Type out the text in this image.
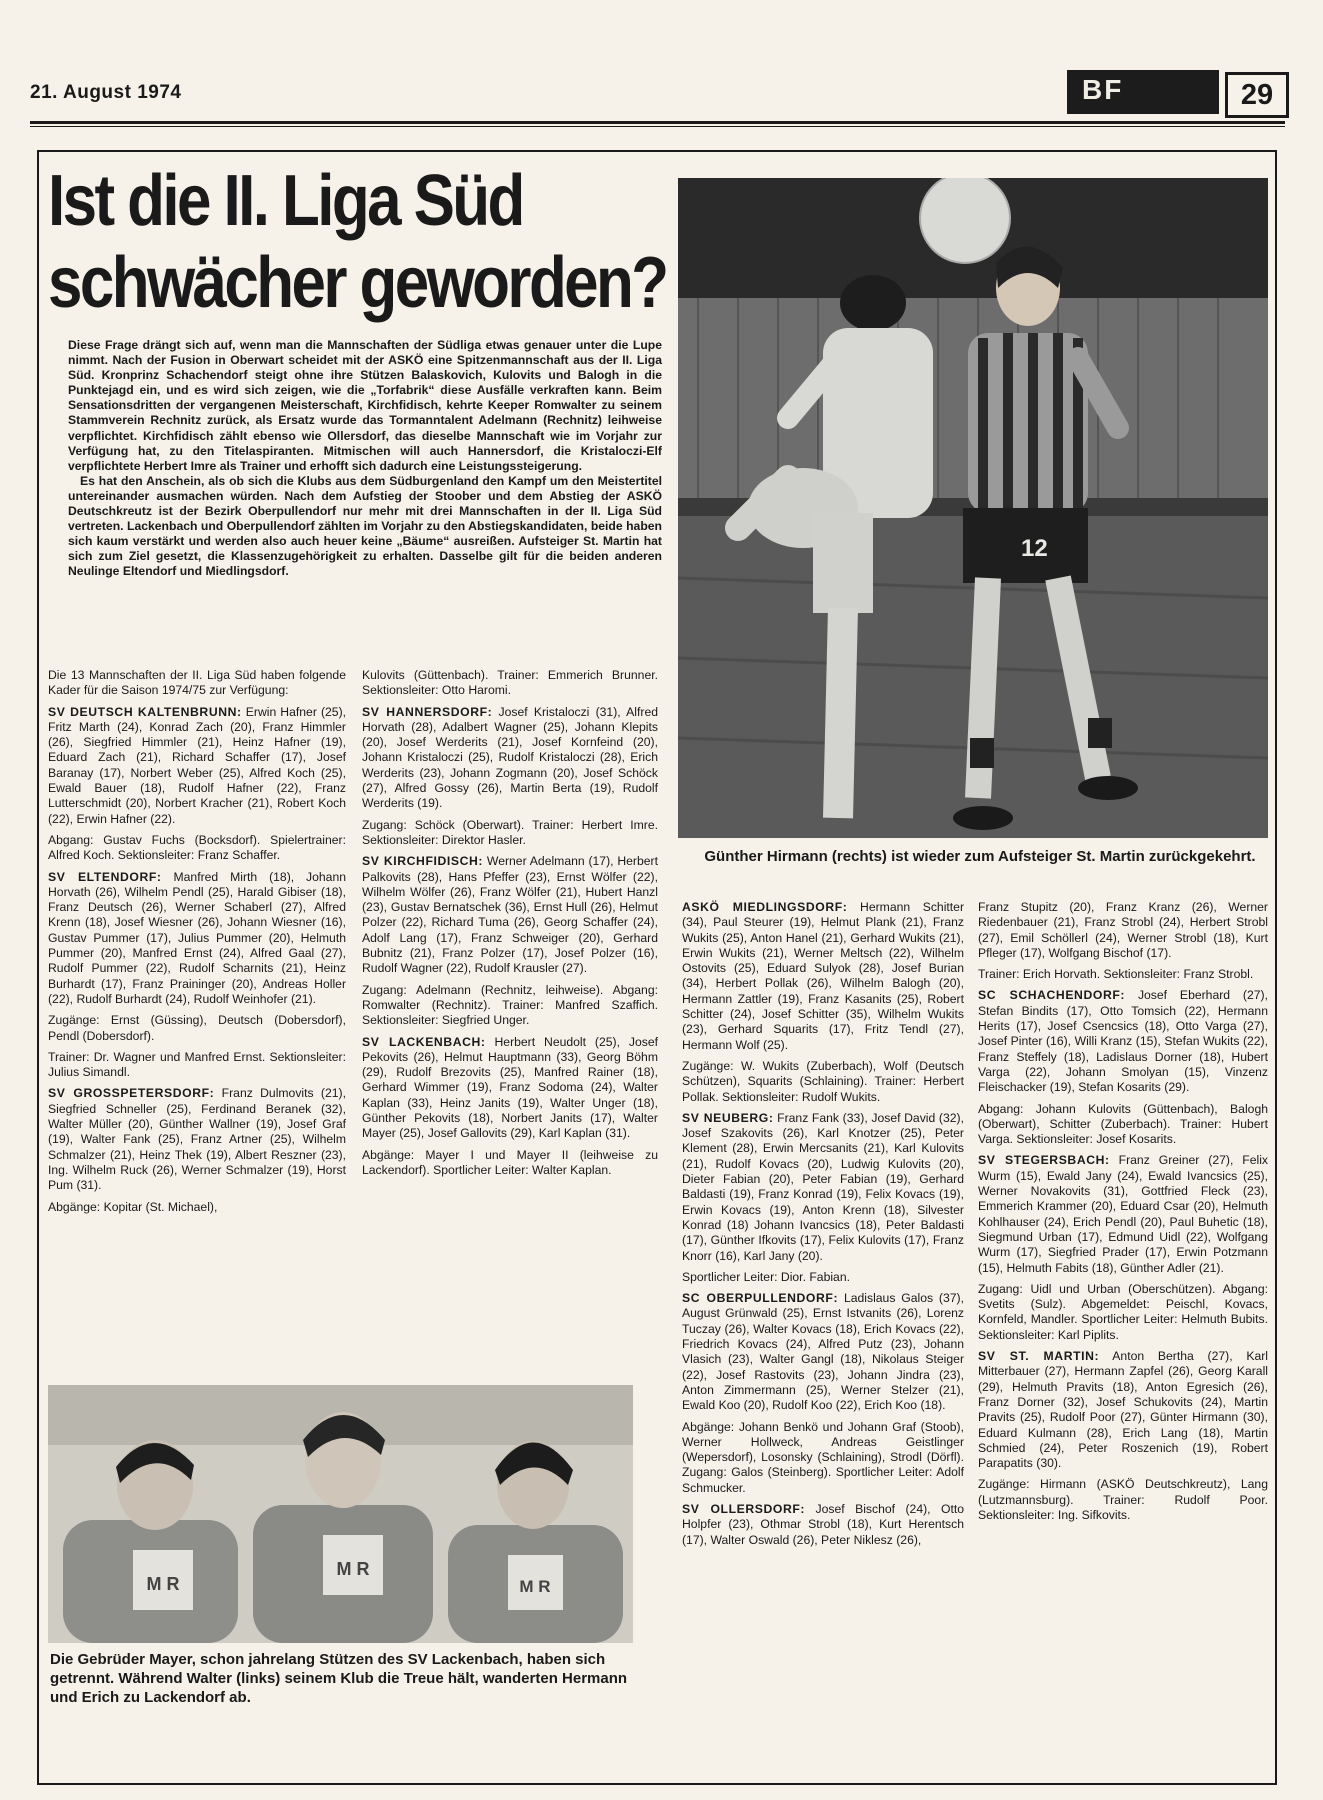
21. August 1974	BF	29
Ist die II. Liga Süd
schwächer geworden?

Diese Frage drängt sich auf, wenn man die Mannschaften der Südliga etwas genauer unter die Lupe nimmt. Nach der Fusion in Oberwart scheidet mit der ASKÖ eine Spitzenmannschaft aus der II. Liga Süd. Kronprinz Schachendorf steigt ohne ihre Stützen Balaskovich, Kulovits und Balogh in die Punktejagd ein, und es wird sich zeigen, wie die „Torfabrik“ diese Ausfälle verkraften kann. Beim Sensationsdritten der vergangenen Meisterschaft, Kirchfidisch, kehrte Keeper Romwalter zu seinem Stammverein Rechnitz zurück, als Ersatz wurde das Tormanntalent Adelmann (Rechnitz) leihweise verpflichtet. Kirchfidisch zählt ebenso wie Ollersdorf, das dieselbe Mannschaft wie im Vorjahr zur Verfügung hat, zu den Titelaspiranten. Mitmischen will auch Hannersdorf, die Kristaloczi-Elf verpflichtete Herbert Imre als Trainer und erhofft sich dadurch eine Leistungssteigerung.

Es hat den Anschein, als ob sich die Klubs aus dem Südburgenland den Kampf um den Meistertitel untereinander ausmachen würden. Nach dem Aufstieg der Stoober und dem Abstieg der ASKÖ Deutschkreutz ist der Bezirk Oberpullendorf nur mehr mit drei Mannschaften in der II. Liga Süd vertreten. Lackenbach und Oberpullendorf zählten im Vorjahr zu den Abstiegskandidaten, beide haben sich kaum verstärkt und werden also auch heuer keine „Bäume“ ausreißen. Aufsteiger St. Martin hat sich zum Ziel gesetzt, die Klassenzugehörigkeit zu erhalten. Dasselbe gilt für die beiden anderen Neulinge Eltendorf und Miedlingsdorf.

12
Günther Hirmann (rechts) ist wieder zum Aufsteiger St. Martin zurückgekehrt.

Die 13 Mannschaften der II. Liga Süd haben folgende Kader für die Saison 1974/75 zur Verfügung:

SV DEUTSCH KALTENBRUNN: Erwin Hafner (25), Fritz Marth (24), Konrad Zach (20), Franz Himmler (26), Siegfried Himmler (21), Heinz Hafner (19), Eduard Zach (21), Richard Schaffer (17), Josef Baranay (17), Norbert Weber (25), Alfred Koch (25), Ewald Bauer (18), Rudolf Hafner (22), Franz Lutterschmidt (20), Norbert Kracher (21), Robert Koch (22), Erwin Hafner (22).

Abgang: Gustav Fuchs (Bocksdorf). Spielertrainer: Alfred Koch. Sektionsleiter: Franz Schaffer.

SV ELTENDORF: Manfred Mirth (18), Johann Horvath (26), Wilhelm Pendl (25), Harald Gibiser (18), Franz Deutsch (26), Werner Schaberl (27), Alfred Krenn (18), Josef Wiesner (26), Johann Wiesner (16), Gustav Pummer (17), Julius Pummer (20), Helmuth Pummer (20), Manfred Ernst (24), Alfred Gaal (27), Rudolf Pummer (22), Rudolf Scharnits (21), Heinz Burhardt (17), Franz Praininger (20), Andreas Holler (22), Rudolf Burhardt (24), Rudolf Weinhofer (21).

Zugänge: Ernst (Güssing), Deutsch (Dobersdorf), Pendl (Dobersdorf).

Trainer: Dr. Wagner und Manfred Ernst. Sektionsleiter: Julius Simandl.

SV GROSSPETERSDORF: Franz Dulmovits (21), Siegfried Schneller (25), Ferdinand Beranek (32), Walter Müller (20), Günther Wallner (19), Josef Graf (19), Walter Fank (25), Franz Artner (25), Wilhelm Schmalzer (21), Heinz Thek (19), Albert Reszner (23), Ing. Wilhelm Ruck (26), Werner Schmalzer (19), Horst Pum (31).

Abgänge: Kopitar (St. Michael),

Kulovits (Güttenbach). Trainer: Emmerich Brunner. Sektionsleiter: Otto Haromi.

SV HANNERSDORF: Josef Kristaloczi (31), Alfred Horvath (28), Adalbert Wagner (25), Johann Klepits (20), Josef Werderits (21), Josef Kornfeind (20), Johann Kristaloczi (25), Rudolf Kristaloczi (28), Erich Werderits (23), Johann Zogmann (20), Josef Schöck (27), Alfred Gossy (26), Martin Berta (19), Rudolf Werderits (19).

Zugang: Schöck (Oberwart). Trainer: Herbert Imre. Sektionsleiter: Direktor Hasler.

SV KIRCHFIDISCH: Werner Adelmann (17), Herbert Palkovits (28), Hans Pfeffer (23), Ernst Wölfer (22), Wilhelm Wölfer (26), Franz Wölfer (21), Hubert Hanzl (23), Gustav Bernatschek (36), Ernst Hull (26), Helmut Polzer (22), Richard Tuma (26), Georg Schaffer (24), Adolf Lang (17), Franz Schweiger (20), Gerhard Bubnitz (21), Franz Polzer (17), Josef Polzer (16), Rudolf Wagner (22), Rudolf Krausler (27).

Zugang: Adelmann (Rechnitz, leihweise). Abgang: Romwalter (Rechnitz). Trainer: Manfred Szaffich. Sektionsleiter: Siegfried Unger.

SV LACKENBACH: Herbert Neudolt (25), Josef Pekovits (26), Helmut Hauptmann (33), Georg Böhm (29), Rudolf Brezovits (25), Manfred Rainer (18), Gerhard Wimmer (19), Franz Sodoma (24), Walter Kaplan (33), Heinz Janits (19), Walter Unger (18), Günther Pekovits (18), Norbert Janits (17), Walter Mayer (25), Josef Gallovits (29), Karl Kaplan (31).

Abgänge: Mayer I und Mayer II (leihweise zu Lackendorf). Sportlicher Leiter: Walter Kaplan.

ASKÖ MIEDLINGSDORF: Hermann Schitter (34), Paul Steurer (19), Helmut Plank (21), Franz Wukits (25), Anton Hanel (21), Gerhard Wukits (21), Erwin Wukits (21), Werner Meltsch (22), Wilhelm Ostovits (25), Eduard Sulyok (28), Josef Burian (34), Herbert Pollak (26), Wilhelm Balogh (20), Hermann Zattler (19), Franz Kasanits (25), Robert Schitter (24), Josef Schitter (35), Wilhelm Wukits (23), Gerhard Squarits (17), Fritz Tendl (27), Hermann Wolf (25).

Zugänge: W. Wukits (Zuberbach), Wolf (Deutsch Schützen), Squarits (Schlaining). Trainer: Herbert Pollak. Sektionsleiter: Rudolf Wukits.

SV NEUBERG: Franz Fank (33), Josef David (32), Josef Szakovits (26), Karl Knotzer (25), Peter Klement (28), Erwin Mercsanits (21), Karl Kulovits (21), Rudolf Kovacs (20), Ludwig Kulovits (20), Dieter Fabian (20), Peter Fabian (19), Gerhard Baldasti (19), Franz Konrad (19), Felix Kovacs (19), Erwin Kovacs (19), Anton Krenn (18), Silvester Konrad (18) Johann Ivancsics (18), Peter Baldasti (17), Günther Ifkovits (17), Felix Kulovits (17), Franz Knorr (16), Karl Jany (20).

Sportlicher Leiter: Dior. Fabian.

SC OBERPULLENDORF: Ladislaus Galos (37), August Grünwald (25), Ernst Istvanits (26), Lorenz Tuczay (26), Walter Kovacs (18), Erich Kovacs (22), Friedrich Kovacs (24), Alfred Putz (23), Johann Vlasich (23), Walter Gangl (18), Nikolaus Steiger (22), Josef Rastovits (23), Johann Jindra (23), Anton Zimmermann (25), Werner Stelzer (21), Ewald Koo (20), Rudolf Koo (22), Erich Koo (18).

Abgänge: Johann Benkö und Johann Graf (Stoob), Werner Hollweck, Andreas Geistlinger (Wepersdorf), Losonsky (Schlaining), Strodl (Dörfl). Zugang: Galos (Steinberg). Sportlicher Leiter: Adolf Schmucker.

SV OLLERSDORF: Josef Bischof (24), Otto Holpfer (23), Othmar Strobl (18), Kurt Herentsch (17), Walter Oswald (26), Peter Niklesz (26),

Franz Stupitz (20), Franz Kranz (26), Werner Riedenbauer (21), Franz Strobl (24), Herbert Strobl (27), Emil Schöllerl (24), Werner Strobl (18), Kurt Pfleger (17), Wolfgang Bischof (17).

Trainer: Erich Horvath. Sektionsleiter: Franz Strobl.

SC SCHACHENDORF: Josef Eberhard (27), Stefan Bindits (17), Otto Tomsich (22), Hermann Herits (17), Josef Csencsics (18), Otto Varga (27), Josef Pinter (16), Willi Kranz (15), Stefan Wukits (22), Franz Steffely (18), Ladislaus Dorner (18), Hubert Varga (22), Johann Smolyan (15), Vinzenz Fleischacker (19), Stefan Kosarits (29).

Abgang: Johann Kulovits (Güttenbach), Balogh (Oberwart), Schitter (Zuberbach). Trainer: Hubert Varga. Sektionsleiter: Josef Kosarits.

SV STEGERSBACH: Franz Greiner (27), Felix Wurm (15), Ewald Jany (24), Ewald Ivancsics (25), Werner Novakovits (31), Gottfried Fleck (23), Emmerich Krammer (20), Eduard Csar (20), Helmuth Kohlhauser (24), Erich Pendl (20), Paul Buhetic (18), Siegmund Urban (17), Edmund Uidl (22), Wolfgang Wurm (17), Siegfried Prader (17), Erwin Potzmann (15), Helmuth Fabits (18), Günther Adler (21).

Zugang: Uidl und Urban (Oberschützen). Abgang: Svetits (Sulz). Abgemeldet: Peischl, Kovacs, Kornfeld, Mandler. Sportlicher Leiter: Helmuth Bubits. Sektionsleiter: Karl Piplits.

SV ST. MARTIN: Anton Bertha (27), Karl Mitterbauer (27), Hermann Zapfel (26), Georg Karall (29), Helmuth Pravits (18), Anton Egresich (26), Franz Dorner (32), Josef Schukovits (24), Martin Pravits (25), Rudolf Poor (27), Günter Hirmann (30), Eduard Kulmann (28), Erich Lang (18), Martin Schmied (24), Peter Roszenich (19), Robert Parapatits (30).

Zugänge: Hirmann (ASKÖ Deutschkreutz), Lang (Lutzmannsburg). Trainer: Rudolf Poor. Sektionsleiter: Ing. Sifkovits.

M R
M R
M R
Die Gebrüder Mayer, schon jahrelang Stützen des SV Lackenbach, haben sich getrennt. Während Walter (links) seinem Klub die Treue hält, wanderten Hermann und Erich zu Lackendorf ab.
